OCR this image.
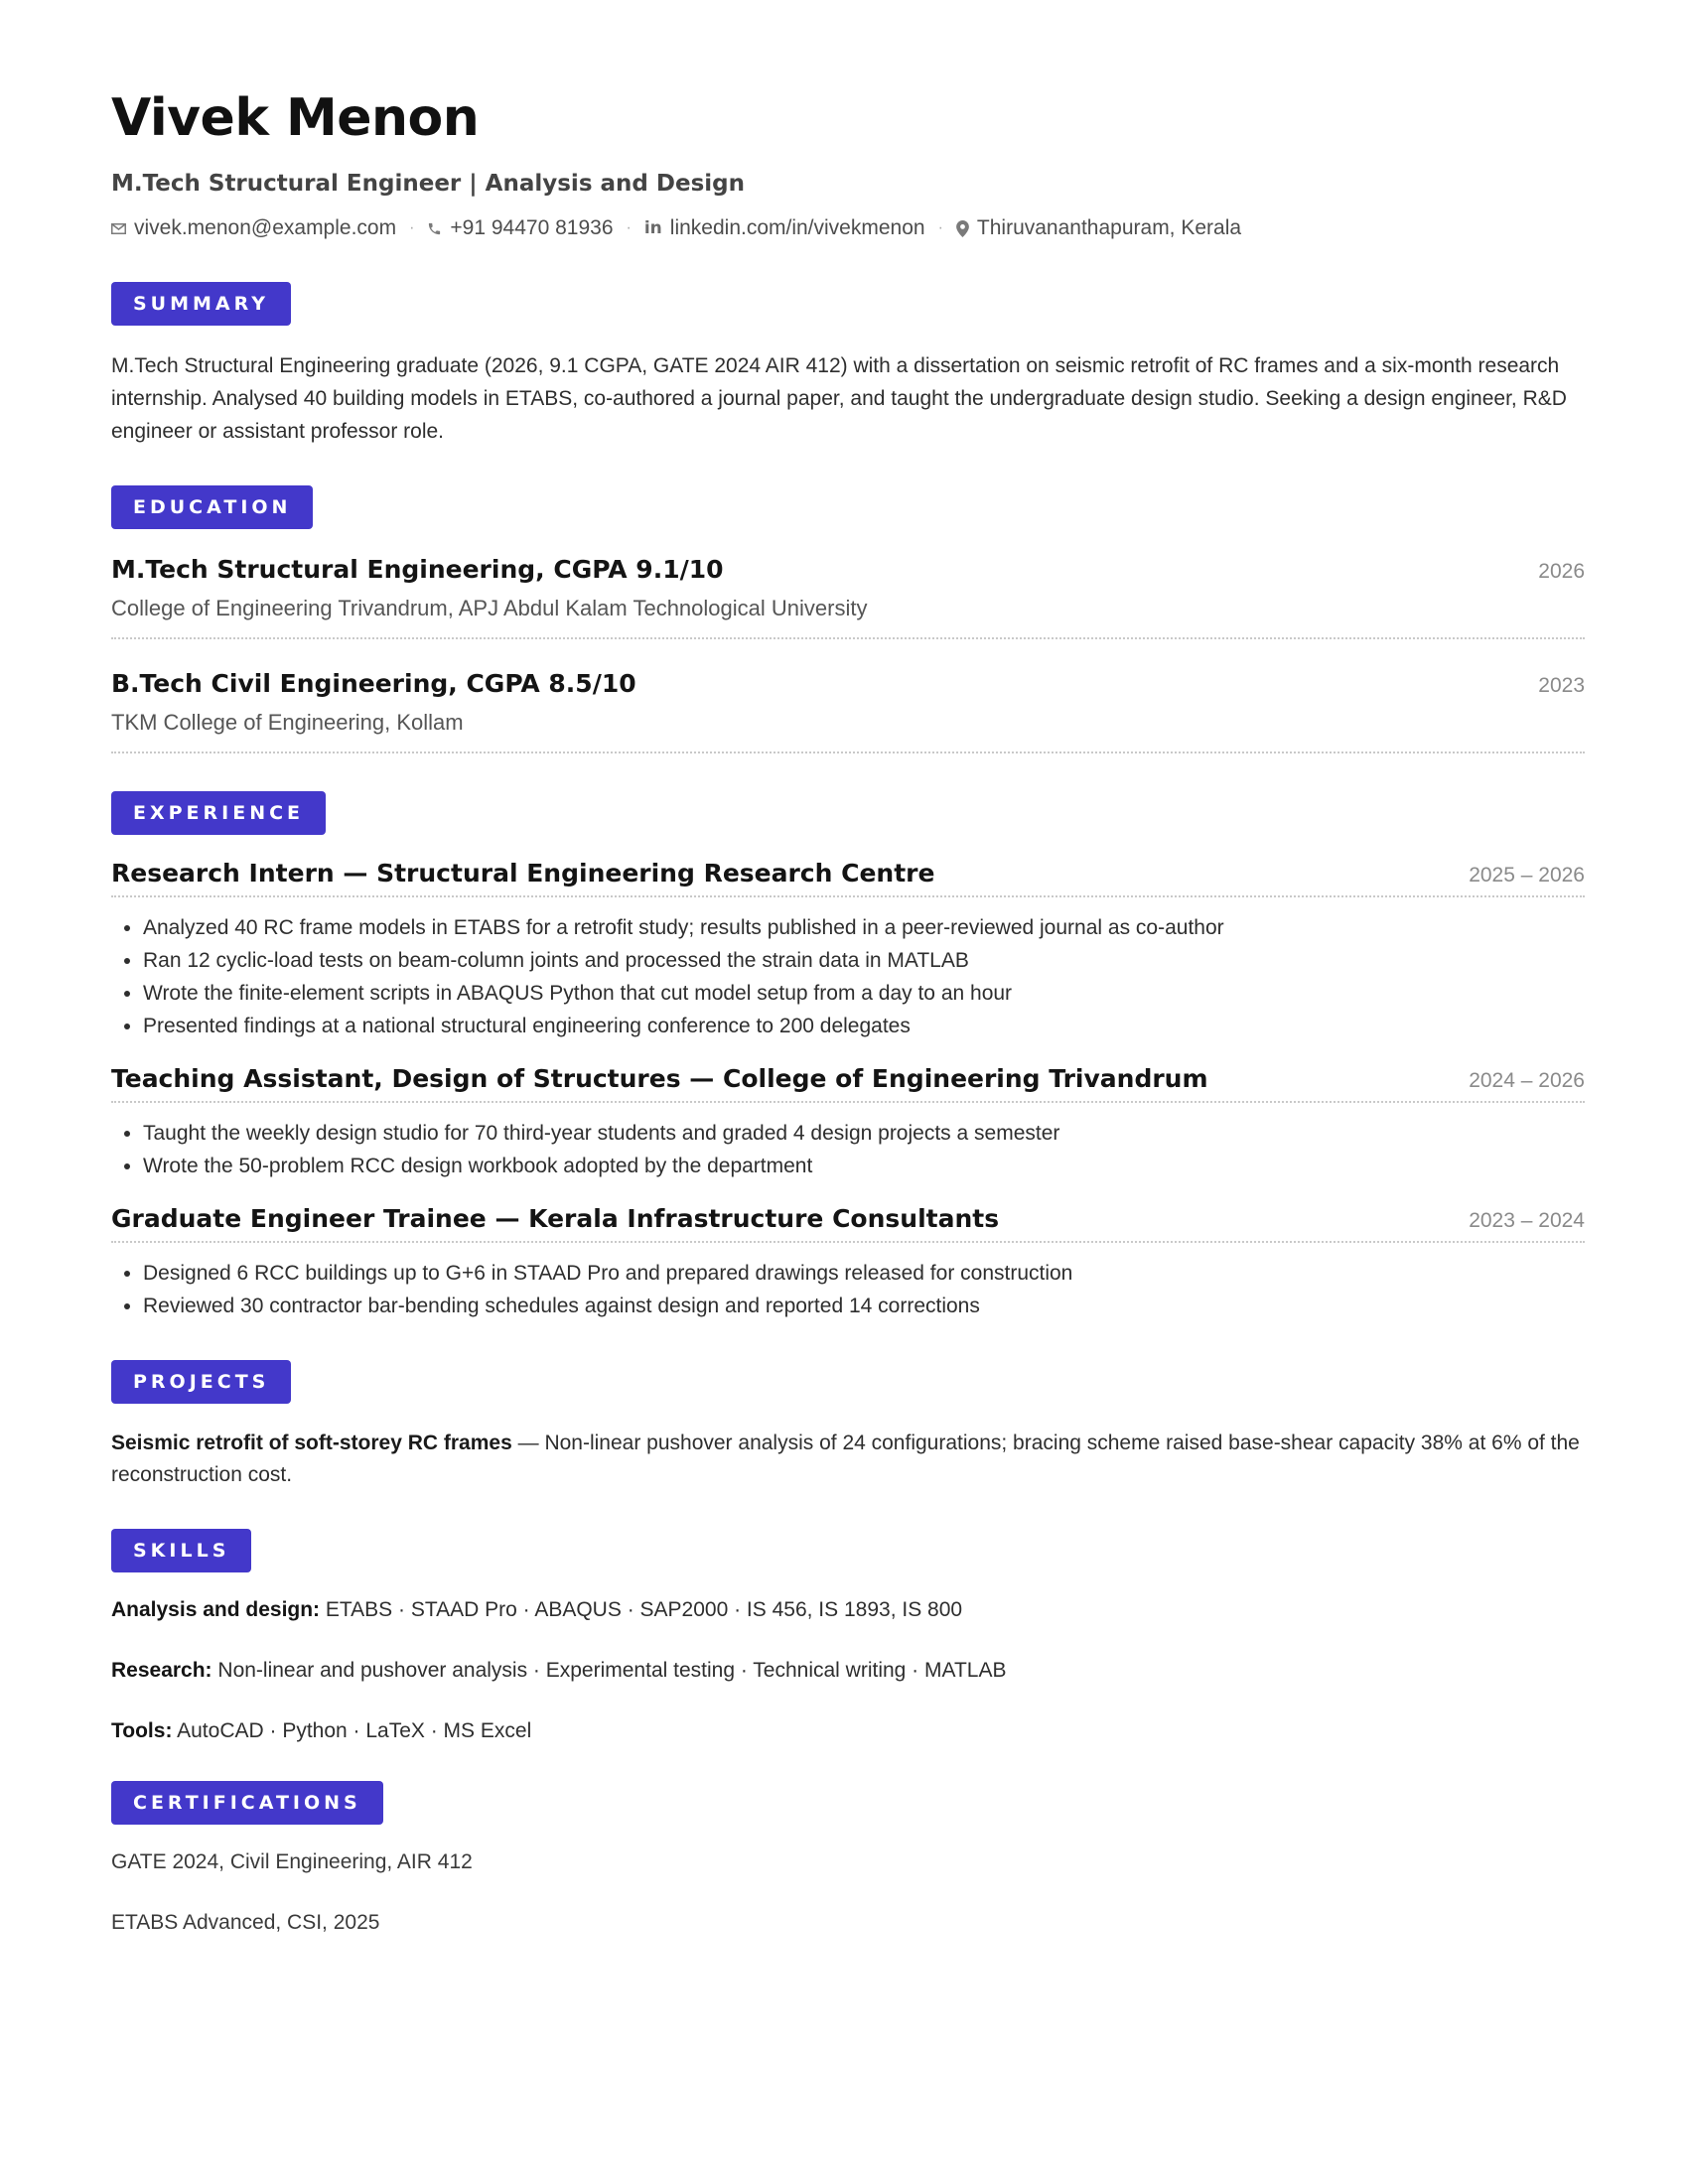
Vivek Menon
M.Tech Structural Engineer | Analysis and Design
vivek.menon@example.com · +91 94470 81936 · in linkedin.com/in/vivekmenon · Thiruvananthapuram, Kerala
SUMMARY
M.Tech Structural Engineering graduate (2026, 9.1 CGPA, GATE 2024 AIR 412) with a dissertation on seismic retrofit of RC frames and a six-month research internship. Analysed 40 building models in ETABS, co-authored a journal paper, and taught the undergraduate design studio. Seeking a design engineer, R&D engineer or assistant professor role.
EDUCATION
M.Tech Structural Engineering, CGPA 9.1/10	2026
College of Engineering Trivandrum, APJ Abdul Kalam Technological University
B.Tech Civil Engineering, CGPA 8.5/10	2023
TKM College of Engineering, Kollam
EXPERIENCE
Research Intern — Structural Engineering Research Centre	2025 – 2026
• Analyzed 40 RC frame models in ETABS for a retrofit study; results published in a peer-reviewed journal as co-author
• Ran 12 cyclic-load tests on beam-column joints and processed the strain data in MATLAB
• Wrote the finite-element scripts in ABAQUS Python that cut model setup from a day to an hour
• Presented findings at a national structural engineering conference to 200 delegates
Teaching Assistant, Design of Structures — College of Engineering Trivandrum	2024 – 2026
• Taught the weekly design studio for 70 third-year students and graded 4 design projects a semester
• Wrote the 50-problem RCC design workbook adopted by the department
Graduate Engineer Trainee — Kerala Infrastructure Consultants	2023 – 2024
• Designed 6 RCC buildings up to G+6 in STAAD Pro and prepared drawings released for construction
• Reviewed 30 contractor bar-bending schedules against design and reported 14 corrections
PROJECTS
Seismic retrofit of soft-storey RC frames — Non-linear pushover analysis of 24 configurations; bracing scheme raised base-shear capacity 38% at 6% of the reconstruction cost.
SKILLS
Analysis and design: ETABS · STAAD Pro · ABAQUS · SAP2000 · IS 456, IS 1893, IS 800
Research: Non-linear and pushover analysis · Experimental testing · Technical writing · MATLAB
Tools: AutoCAD · Python · LaTeX · MS Excel
CERTIFICATIONS
GATE 2024, Civil Engineering, AIR 412
ETABS Advanced, CSI, 2025
